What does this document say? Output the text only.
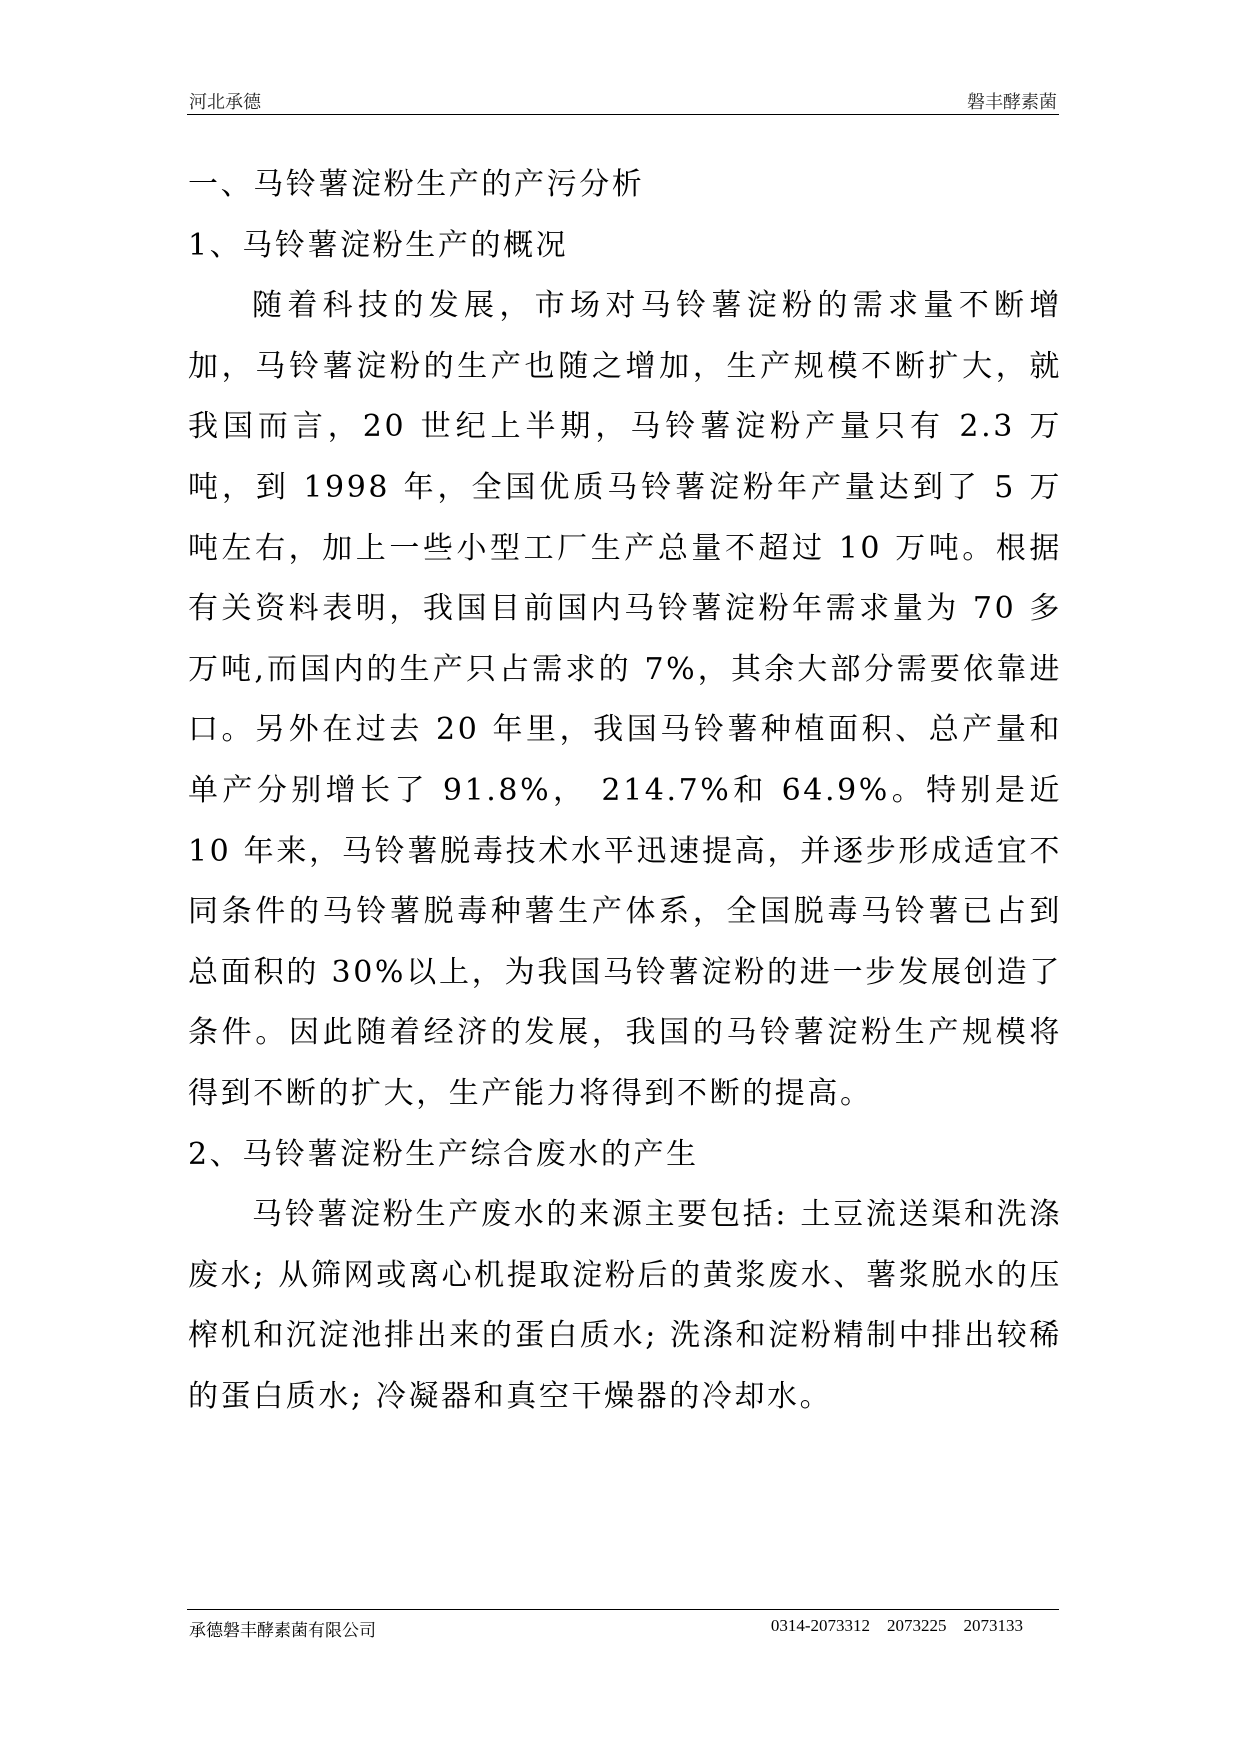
河北承德	磐丰酵素菌

一、马铃薯淀粉生产的产污分析

1、马铃薯淀粉生产的概况

随着科技的发展，市场对马铃薯淀粉的需求量不断增加，马铃薯淀粉的生产也随之增加，生产规模不断扩大，就我国而言，20 世纪上半期，马铃薯淀粉产量只有 2.3 万吨，到 1998 年，全国优质马铃薯淀粉年产量达到了 5 万吨左右，加上一些小型工厂生产总量不超过 10 万吨。根据有关资料表明，我国目前国内马铃薯淀粉年需求量为 70 多万吨,而国内的生产只占需求的 7%，其余大部分需要依靠进口。另外在过去 20 年里，我国马铃薯种植面积、总产量和单产分别增长了 91.8%， 214.7%和 64.9%。特别是近 10 年来，马铃薯脱毒技术水平迅速提高，并逐步形成适宜不同条件的马铃薯脱毒种薯生产体系，全国脱毒马铃薯已占到总面积的 30%以上，为我国马铃薯淀粉的进一步发展创造了条件。因此随着经济的发展，我国的马铃薯淀粉生产规模将得到不断的扩大，生产能力将得到不断的提高。

2、马铃薯淀粉生产综合废水的产生

马铃薯淀粉生产废水的来源主要包括: 土豆流送渠和洗涤废水; 从筛网或离心机提取淀粉后的黄浆废水、薯浆脱水的压榨机和沉淀池排出来的蛋白质水; 洗涤和淀粉精制中排出较稀的蛋白质水; 冷凝器和真空干燥器的冷却水。

承德磐丰酵素菌有限公司	0314-2073312    2073225    2073133
